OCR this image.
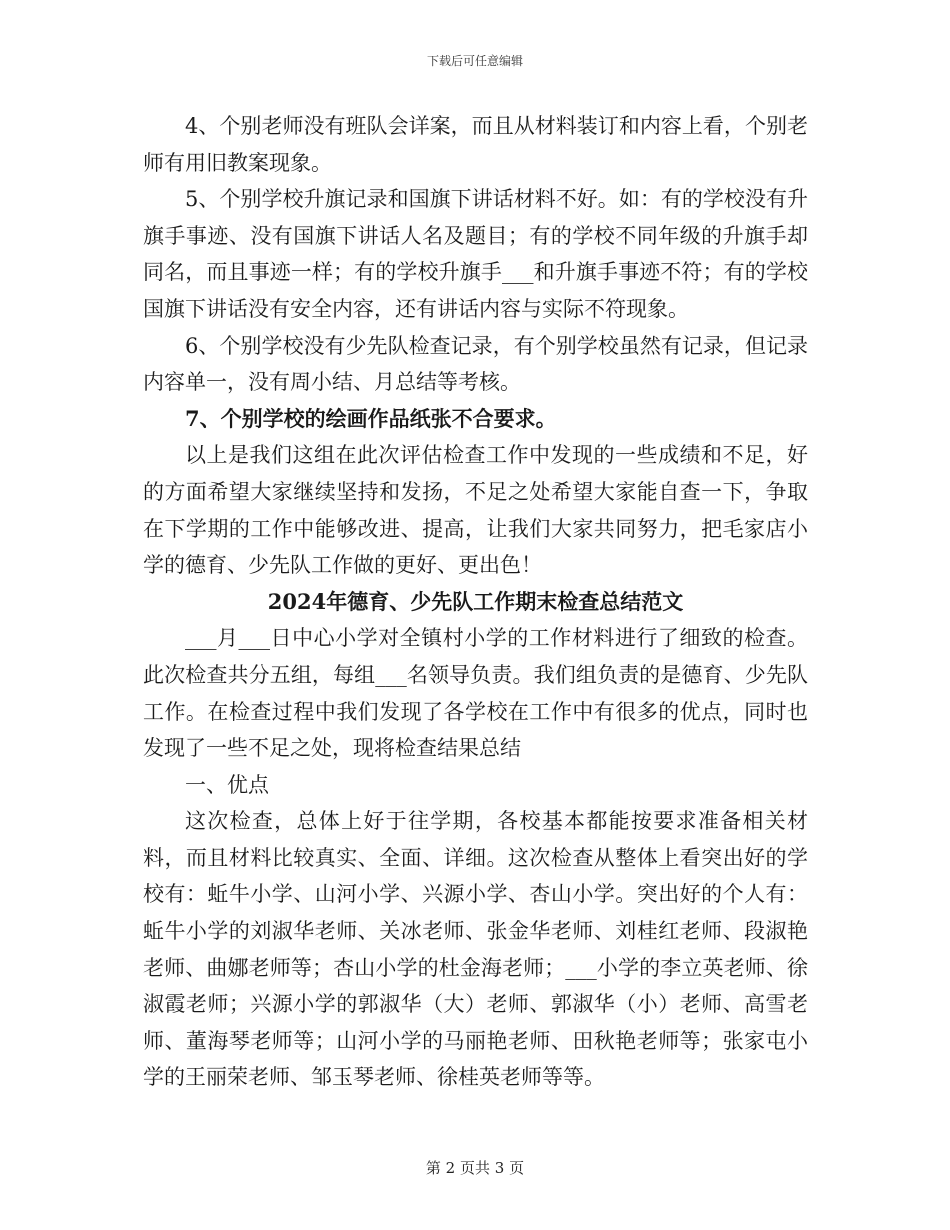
下载后可任意编辑

4、个别老师没有班队会详案，而且从材料装订和内容上看，个别老师有用旧教案现象。

5、个别学校升旗记录和国旗下讲话材料不好。如：有的学校没有升旗手事迹、没有国旗下讲话人名及题目；有的学校不同年级的升旗手却同名，而且事迹一样；有的学校升旗手___和升旗手事迹不符；有的学校国旗下讲话没有安全内容，还有讲话内容与实际不符现象。

6、个别学校没有少先队检查记录，有个别学校虽然有记录，但记录内容单一，没有周小结、月总结等考核。

7、个别学校的绘画作品纸张不合要求。

以上是我们这组在此次评估检查工作中发现的一些成绩和不足，好的方面希望大家继续坚持和发扬，不足之处希望大家能自查一下，争取在下学期的工作中能够改进、提高，让我们大家共同努力，把毛家店小学的德育、少先队工作做的更好、更出色！

2024年德育、少先队工作期末检查总结范文

___月___日中心小学对全镇村小学的工作材料进行了细致的检查。此次检查共分五组，每组___名领导负责。我们组负责的是德育、少先队工作。在检查过程中我们发现了各学校在工作中有很多的优点，同时也发现了一些不足之处，现将检查结果总结

一、优点

这次检查，总体上好于往学期，各校基本都能按要求准备相关材料，而且材料比较真实、全面、详细。这次检查从整体上看突出好的学校有：蚯牛小学、山河小学、兴源小学、杏山小学。突出好的个人有：蚯牛小学的刘淑华老师、关冰老师、张金华老师、刘桂红老师、段淑艳老师、曲娜老师等；杏山小学的杜金海老师；___小学的李立英老师、徐淑霞老师；兴源小学的郭淑华（大）老师、郭淑华（小）老师、高雪老师、董海琴老师等；山河小学的马丽艳老师、田秋艳老师等；张家屯小学的王丽荣老师、邹玉琴老师、徐桂英老师等等。

第 2 页共 3 页
